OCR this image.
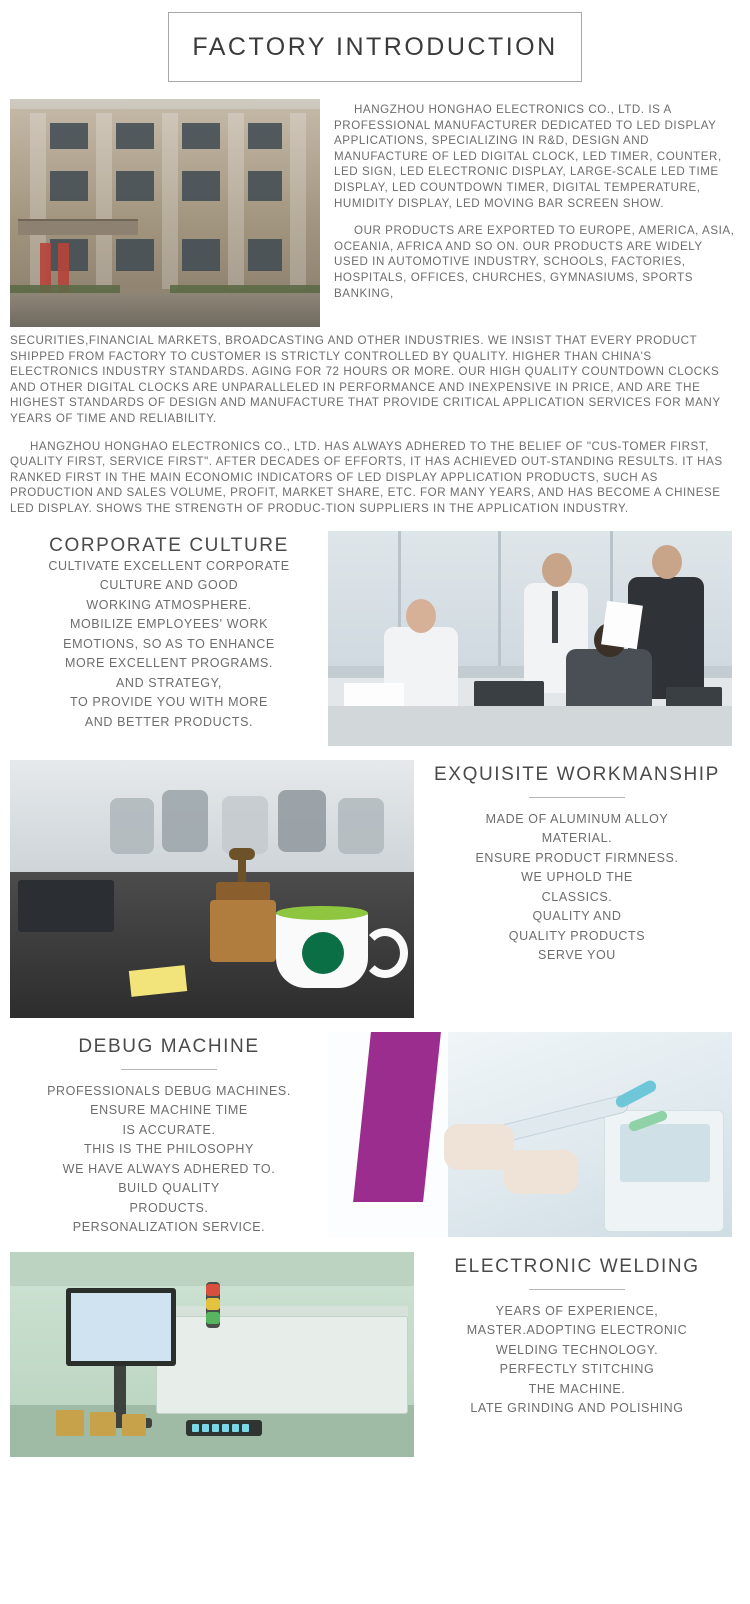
FACTORY INTRODUCTION

HANGZHOU HONGHAO ELECTRONICS CO., LTD. IS A PROFESSIONAL MANUFACTURER DEDICATED TO LED DISPLAY APPLICATIONS, SPECIALIZING IN R&D, DESIGN AND MANUFACTURE OF LED DIGITAL CLOCK, LED TIMER, COUNTER, LED SIGN, LED ELECTRONIC DISPLAY, LARGE-SCALE LED TIME DISPLAY, LED COUNTDOWN TIMER, DIGITAL TEMPERATURE, HUMIDITY DISPLAY, LED MOVING BAR SCREEN SHOW.

OUR PRODUCTS ARE EXPORTED TO EUROPE, AMERICA, ASIA, OCEANIA, AFRICA AND SO ON. OUR PRODUCTS ARE WIDELY USED IN AUTOMOTIVE INDUSTRY, SCHOOLS, FACTORIES, HOSPITALS, OFFICES, CHURCHES, GYMNASIUMS, SPORTS BANKING,

SECURITIES,FINANCIAL MARKETS, BROADCASTING AND OTHER INDUSTRIES. WE INSIST THAT EVERY PRODUCT SHIPPED FROM FACTORY TO CUSTOMER IS STRICTLY CONTROLLED BY QUALITY. HIGHER THAN CHINA'S ELECTRONICS INDUSTRY STANDARDS. AGING FOR 72 HOURS OR MORE. OUR HIGH QUALITY COUNTDOWN CLOCKS AND OTHER DIGITAL CLOCKS ARE UNPARALLELED IN PERFORMANCE AND INEXPENSIVE IN PRICE, AND ARE THE HIGHEST STANDARDS OF DESIGN AND MANUFACTURE THAT PROVIDE CRITICAL APPLICATION SERVICES FOR MANY YEARS OF TIME AND RELIABILITY.

HANGZHOU HONGHAO ELECTRONICS CO., LTD. HAS ALWAYS ADHERED TO THE BELIEF OF "CUS-TOMER FIRST, QUALITY FIRST, SERVICE FIRST". AFTER DECADES OF EFFORTS, IT HAS ACHIEVED OUT-STANDING RESULTS. IT HAS RANKED FIRST IN THE MAIN ECONOMIC INDICATORS OF LED DISPLAY APPLICATION PRODUCTS, SUCH AS PRODUCTION AND SALES VOLUME, PROFIT, MARKET SHARE, ETC. FOR MANY YEARS, AND HAS BECOME A CHINESE LED DISPLAY. SHOWS THE STRENGTH OF PRODUC-TION SUPPLIERS IN THE APPLICATION INDUSTRY.

CORPORATE CULTURE
CULTIVATE EXCELLENT CORPORATE
CULTURE AND GOOD
WORKING ATMOSPHERE.
MOBILIZE EMPLOYEES' WORK
EMOTIONS, SO AS TO ENHANCE
MORE EXCELLENT PROGRAMS.
AND STRATEGY,
TO PROVIDE YOU WITH MORE
AND BETTER PRODUCTS.
EXQUISITE WORKMANSHIP
MADE OF ALUMINUM ALLOY
MATERIAL.
ENSURE PRODUCT FIRMNESS.
WE UPHOLD THE
CLASSICS.
QUALITY AND
QUALITY PRODUCTS
SERVE YOU
DEBUG MACHINE
PROFESSIONALS DEBUG MACHINES.
ENSURE MACHINE TIME
IS ACCURATE.
THIS IS THE PHILOSOPHY
WE HAVE ALWAYS ADHERED TO.
BUILD QUALITY
PRODUCTS.
PERSONALIZATION SERVICE.
ELECTRONIC WELDING
YEARS OF EXPERIENCE,
MASTER.ADOPTING ELECTRONIC
WELDING TECHNOLOGY.
PERFECTLY STITCHING
THE MACHINE.
LATE GRINDING AND POLISHING
